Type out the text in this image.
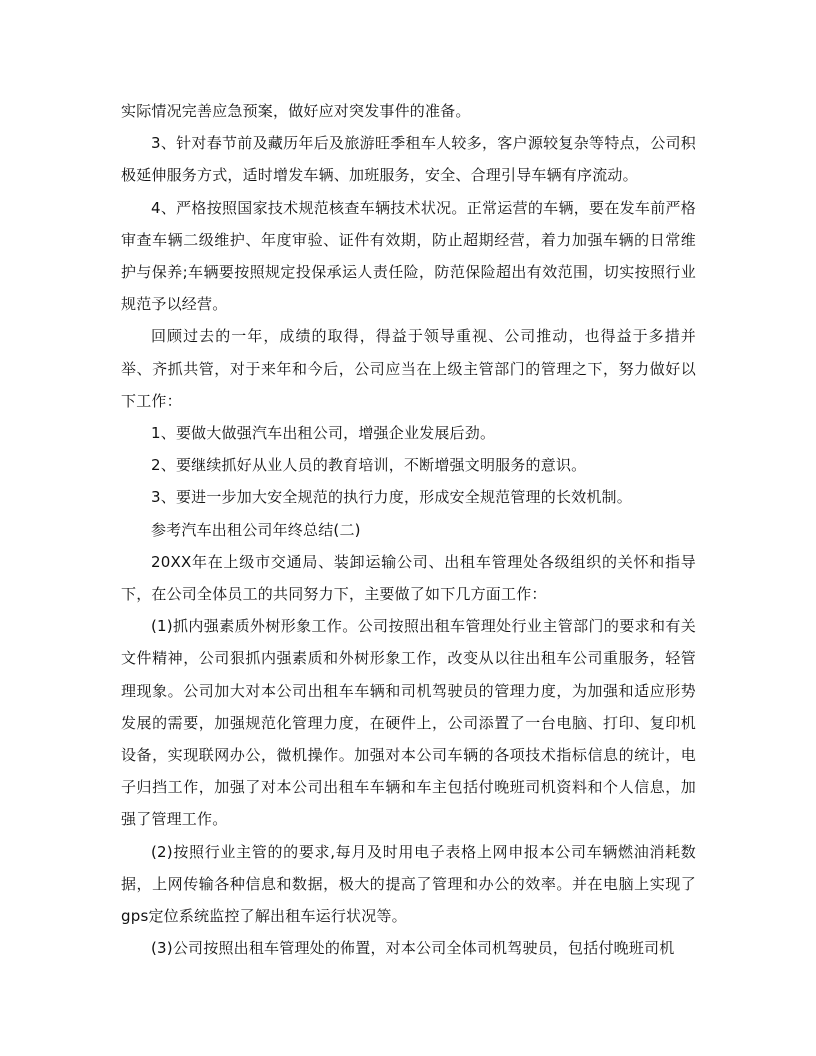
实际情况完善应急预案，做好应对突发事件的准备。

3、针对春节前及藏历年后及旅游旺季租车人较多，客户源较复杂等特点，公司积极延伸服务方式，适时增发车辆、加班服务，安全、合理引导车辆有序流动。

4、严格按照国家技术规范核查车辆技术状况。正常运营的车辆，要在发车前严格审查车辆二级维护、年度审验、证件有效期，防止超期经营，着力加强车辆的日常维护与保养;车辆要按照规定投保承运人责任险，防范保险超出有效范围，切实按照行业规范予以经营。

回顾过去的一年，成绩的取得，得益于领导重视、公司推动，也得益于多措并举、齐抓共管，对于来年和今后，公司应当在上级主管部门的管理之下，努力做好以下工作：

1、要做大做强汽车出租公司，增强企业发展后劲。

2、要继续抓好从业人员的教育培训，不断增强文明服务的意识。

3、要进一步加大安全规范的执行力度，形成安全规范管理的长效机制。

参考汽车出租公司年终总结(二)

20XX年在上级市交通局、装卸运输公司、出租车管理处各级组织的关怀和指导下，在公司全体员工的共同努力下，主要做了如下几方面工作：

(1)抓内强素质外树形象工作。公司按照出租车管理处行业主管部门的要求和有关文件精神，公司狠抓内强素质和外树形象工作，改变从以往出租车公司重服务，轻管理现象。公司加大对本公司出租车车辆和司机驾驶员的管理力度，为加强和适应形势发展的需要，加强规范化管理力度，在硬件上，公司添置了一台电脑、打印、复印机设备，实现联网办公，微机操作。加强对本公司车辆的各项技术指标信息的统计，电子归挡工作，加强了对本公司出租车车辆和车主包括付晚班司机资料和个人信息，加强了管理工作。

(2)按照行业主管的的要求,每月及时用电子表格上网申报本公司车辆燃油消耗数据，上网传输各种信息和数据，极大的提高了管理和办公的效率。并在电脑上实现了gps定位系统监控了解出租车运行状况等。

(3)公司按照出租车管理处的佈置，对本公司全体司机驾驶员，包括付晚班司机
